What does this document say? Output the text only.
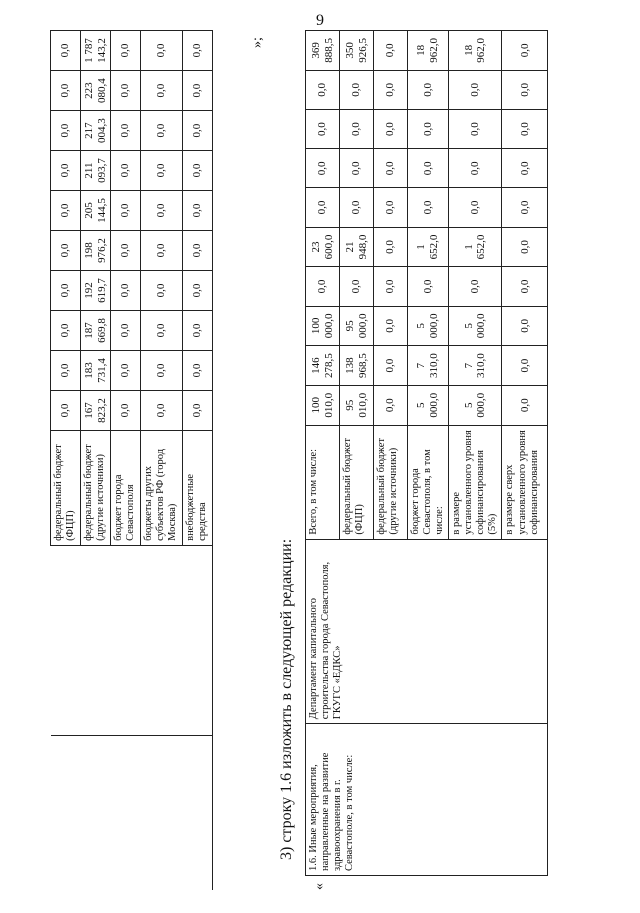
9
		федеральный бюджет (ФЦП)	0,0	0,0	0,0	0,0	0,0	0,0	0,0	0,0	0,0	0,0
		федеральный бюджет (другие источники)	167 823,2	183 731,4	187 669,8	192 619,7	198 976,2	205 144,5	211 093,7	217 004,3	223 080,4	1 787 143,2
		бюджет города Севастополя	0,0	0,0	0,0	0,0	0,0	0,0	0,0	0,0	0,0	0,0
		бюджеты других субъектов РФ (город Москва)	0,0	0,0	0,0	0,0	0,0	0,0	0,0	0,0	0,0	0,0
		внебюджетные средства	0,0	0,0	0,0	0,0	0,0	0,0	0,0	0,0	0,0	0,0
»;
3) строку 1.6 изложить в следующей редакции:
«
1.6. Иные мероприятия, направленные на развитие здравоохранения в г. Севастополе, в том числе:	Департамент капитального строительства города Севастополя, ГКУГС «ЕДКС»	Всего, в том числе:	100 010,0	146 278,5	100 000,0	0,0	23 600,0	0,0	0,0	0,0	0,0	369 888,5
		федеральный бюджет (ФЦП)	95 010,0	138 968,5	95 000,0	0,0	21 948,0	0,0	0,0	0,0	0,0	350 926,5
		федеральный бюджет (другие источники)	0,0	0,0	0,0	0,0	0,0	0,0	0,0	0,0	0,0	0,0
		бюджет города Севастополя, в том числе:	5 000,0	7 310,0	5 000,0	0,0	1 652,0	0,0	0,0	0,0	0,0	18 962,0
		в размере установленного уровня софинансирования (5%)	5 000,0	7 310,0	5 000,0	0,0	1 652,0	0,0	0,0	0,0	0,0	18 962,0
		в размере сверх установленного уровня софинансирования	0,0	0,0	0,0	0,0	0,0	0,0	0,0	0,0	0,0	0,0
